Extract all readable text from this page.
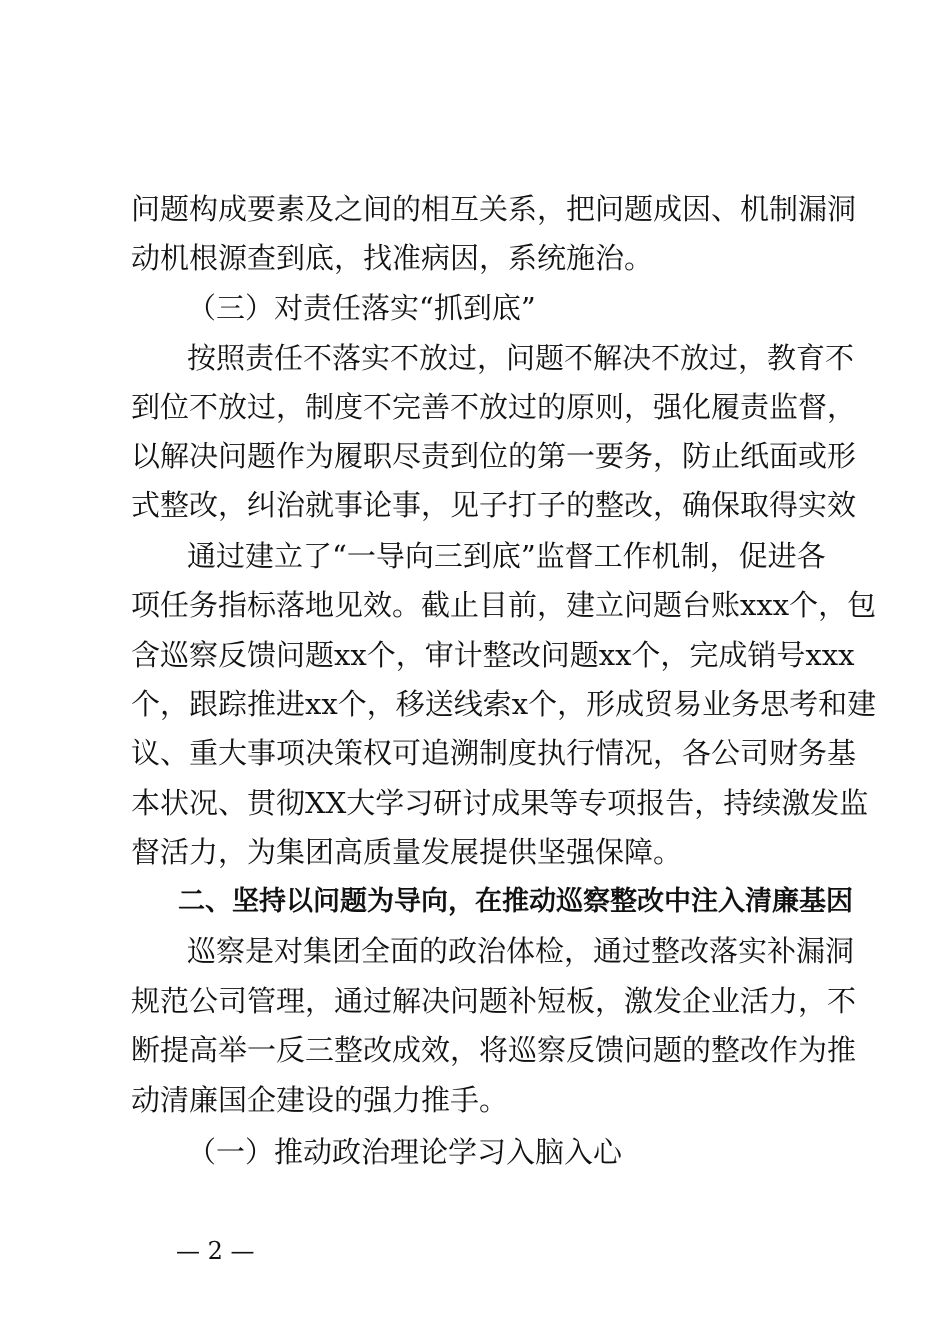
问题构成要素及之间的相互关系，把问题成因、机制漏洞
动机根源查到底，找准病因，系统施治。
（三）对责任落实“抓到底”
按照责任不落实不放过，问题不解决不放过，教育不
到位不放过，制度不完善不放过的原则，强化履责监督，
以解决问题作为履职尽责到位的第一要务，防止纸面或形
式整改，纠治就事论事，见子打子的整改，确保取得实效
通过建立了“一导向三到底”监督工作机制，促进各
项任务指标落地见效。截止目前，建立问题台账xxx个，包
含巡察反馈问题xx个，审计整改问题xx个，完成销号xxx
个，跟踪推进xx个，移送线索x个，形成贸易业务思考和建
议、重大事项决策权可追溯制度执行情况，各公司财务基
本状况、贯彻XX大学习研讨成果等专项报告，持续激发监
督活力，为集团高质量发展提供坚强保障。
二、坚持以问题为导向，在推动巡察整改中注入清廉基因
巡察是对集团全面的政治体检，通过整改落实补漏洞
规范公司管理，通过解决问题补短板，激发企业活力，不
断提高举一反三整改成效，将巡察反馈问题的整改作为推
动清廉国企建设的强力推手。
（一）推动政治理论学习入脑入心
— 2 —
